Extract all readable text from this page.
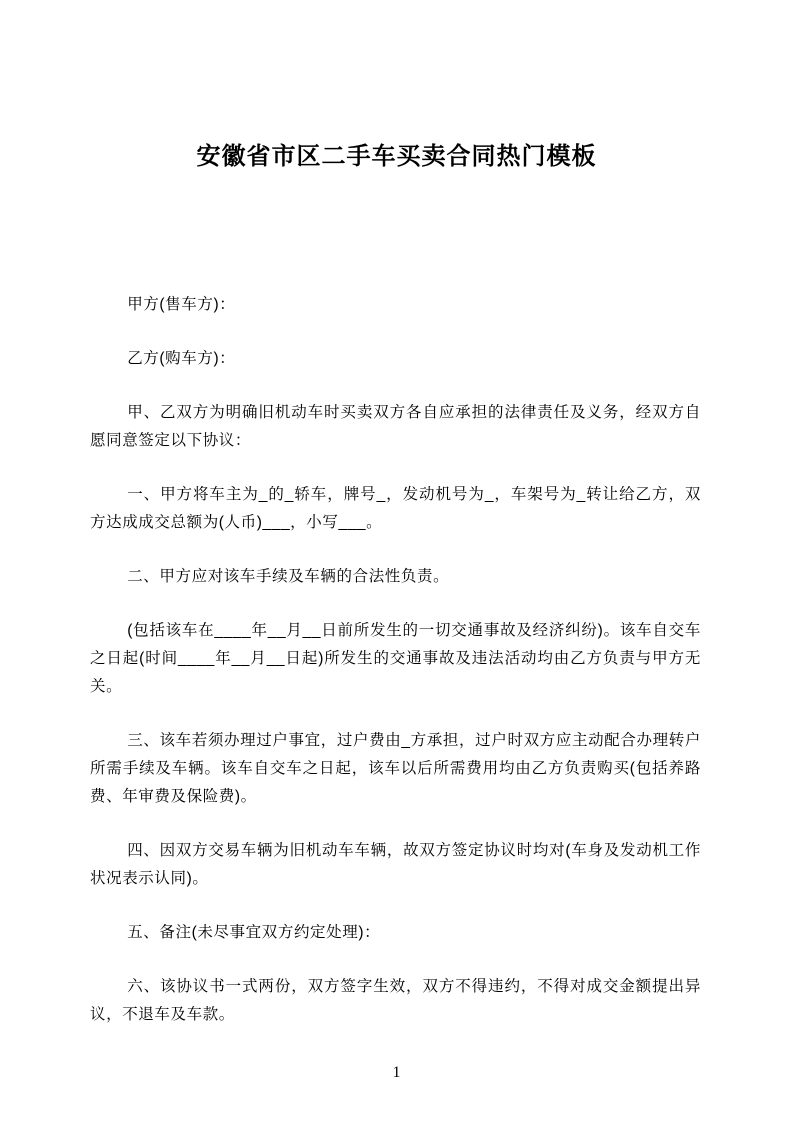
安徽省市区二手车买卖合同热门模板

甲方(售车方)：

乙方(购车方)：

甲、乙双方为明确旧机动车时买卖双方各自应承担的法律责任及义务，经双方自愿同意签定以下协议：

一、甲方将车主为_的_轿车，牌号_，发动机号为_，车架号为_转让给乙方，双方达成成交总额为(人币)___，小写___。

二、甲方应对该车手续及车辆的合法性负责。

(包括该车在____年__月__日前所发生的一切交通事故及经济纠纷)。该车自交车之日起(时间____年__月__日起)所发生的交通事故及违法活动均由乙方负责与甲方无关。

三、该车若须办理过户事宜，过户费由_方承担，过户时双方应主动配合办理转户所需手续及车辆。该车自交车之日起，该车以后所需费用均由乙方负责购买(包括养路费、年审费及保险费)。

四、因双方交易车辆为旧机动车车辆，故双方签定协议时均对(车身及发动机工作状况表示认同)。

五、备注(未尽事宜双方约定处理)：

六、该协议书一式两份，双方签字生效，双方不得违约，不得对成交金额提出异议，不退车及车款。

1
